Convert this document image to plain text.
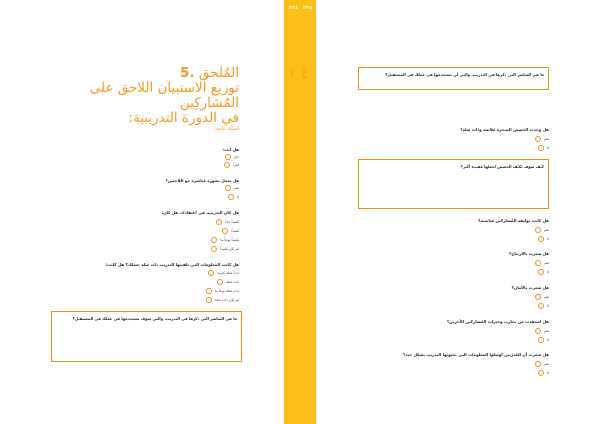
المُلحق .5
توزيع الاستبيان اللاحق على المُشاركِين
في الدورة التدريبية:
أسئلة عامة:
هل أنت:
ذكر
أنثى
هل تعمل بصورة مُباشرة مع اللاجئين؟
نعم
لا
هل كان التدريب، في اعتقادك، هل كان:
مُفيداً جداً
مُفيداً
مُفيداً نوعاً ما
لم يكن مُفيداً
هل كانت المعلومات التي تلقيتها التدريب ذات صلة بعملك؟ هل كانت:
ذات صِلة كبيرة
ذات صلة
ذات صلة نوعاً ما
لم تكن ذات صلة
ما هي العناصر التي ذكرها في التدريب، والتي سوف تستخدمها في عملك في المستقبل؟
٢٣٤ ٢٣٥
٤ ١	ما هي العناصر التي ذكرها في التدريب، والتي لن تستخدمها في عملك في المستقبل؟
هل وجدت الحصص المنجزة مُلائمة وذات صلة؟
نعم
لا
كيف سوف تُكيّف الحصص لجعلها مُفيدة أكثر؟
هل كانت توليفة المُشاركين مُناسبة؟
نعم
لا
هل شعرت بالارتياح؟
نعم
لا
هل شعرت بالأمان؟
نعم
لا
هل استفدت من تجارب وخبرات المُشاركين الآخرين؟
نعم
لا
هل شعرت أن المُدرّبين أوصلوا المعلومات التي يحتويها التدريب بشكل جيد؟
نعم
لا
